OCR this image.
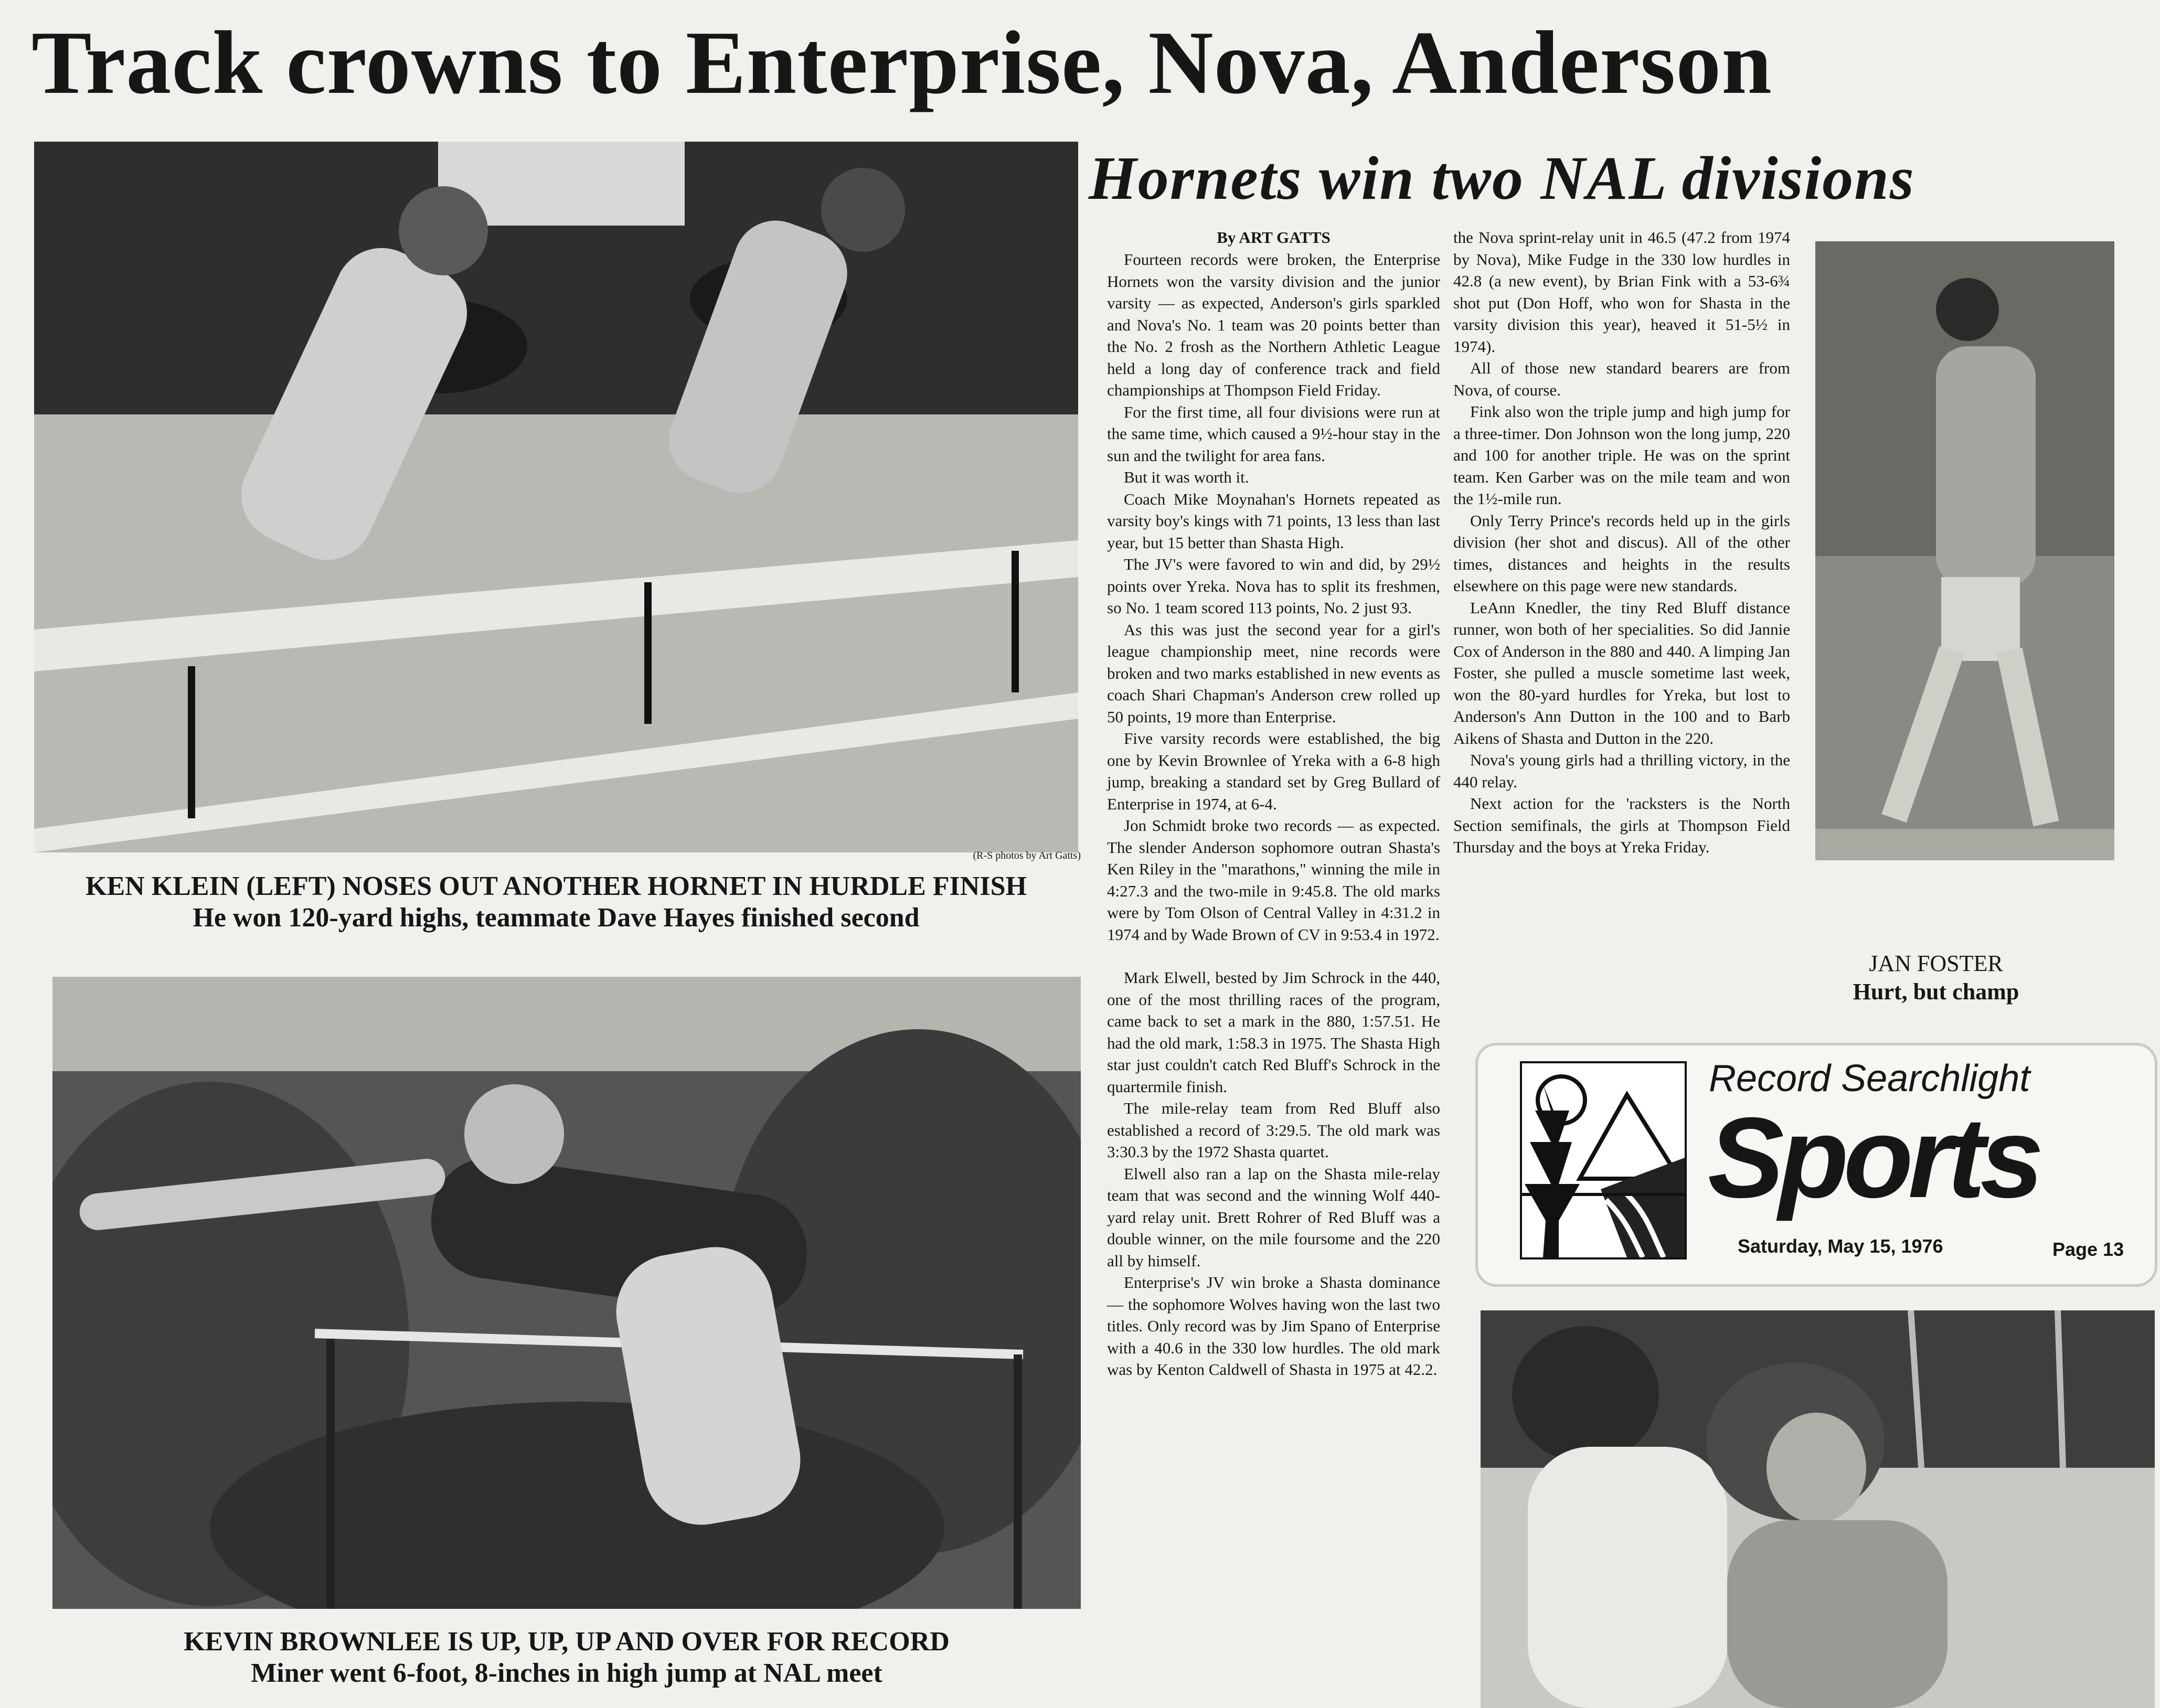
Track crowns to Enterprise, Nova, Anderson
(R-S photos by Art Gatts)
KEN KLEIN (LEFT) NOSES OUT ANOTHER HORNET IN HURDLE FINISH
He won 120-yard highs, teammate Dave Hayes finished second
KEVIN BROWNLEE IS UP, UP, UP AND OVER FOR RECORD
Miner went 6-foot, 8-inches in high jump at NAL meet
Hornets win two NAL divisions

By ART GATTS

Fourteen records were broken, the Enterprise Hornets won the varsity division and the junior varsity — as expected, Anderson's girls sparkled and Nova's No. 1 team was 20 points better than the No. 2 frosh as the Northern Athletic League held a long day of conference track and field championships at Thompson Field Friday.

For the first time, all four divisions were run at the same time, which caused a 9½-hour stay in the sun and the twilight for area fans.

But it was worth it.

Coach Mike Moynahan's Hornets repeated as varsity boy's kings with 71 points, 13 less than last year, but 15 better than Shasta High.

The JV's were favored to win and did, by 29½ points over Yreka. Nova has to split its freshmen, so No. 1 team scored 113 points, No. 2 just 93.

As this was just the second year for a girl's league championship meet, nine records were broken and two marks established in new events as coach Shari Chapman's Anderson crew rolled up 50 points, 19 more than Enterprise.

Five varsity records were established, the big one by Kevin Brownlee of Yreka with a 6-8 high jump, breaking a standard set by Greg Bullard of Enterprise in 1974, at 6-4.

Jon Schmidt broke two records — as expected. The slender Anderson sophomore outran Shasta's Ken Riley in the "marathons," winning the mile in 4:27.3 and the two-mile in 9:45.8. The old marks were by Tom Olson of Central Valley in 4:31.2 in 1974 and by Wade Brown of CV in 9:53.4 in 1972.

Mark Elwell, bested by Jim Schrock in the 440, one of the most thrilling races of the program, came back to set a mark in the 880, 1:57.51. He had the old mark, 1:58.3 in 1975. The Shasta High star just couldn't catch Red Bluff's Schrock in the quartermile finish.

The mile-relay team from Red Bluff also established a record of 3:29.5. The old mark was 3:30.3 by the 1972 Shasta quartet.

Elwell also ran a lap on the Shasta mile-relay team that was second and the winning Wolf 440-yard relay unit. Brett Rohrer of Red Bluff was a double winner, on the mile foursome and the 220 all by himself.

Enterprise's JV win broke a Shasta dominance — the sophomore Wolves having won the last two titles. Only record was by Jim Spano of Enterprise with a 40.6 in the 330 low hurdles. The old mark was by Kenton Caldwell of Shasta in 1975 at 42.2.

the Nova sprint-relay unit in 46.5 (47.2 from 1974 by Nova), Mike Fudge in the 330 low hurdles in 42.8 (a new event), by Brian Fink with a 53-6¾ shot put (Don Hoff, who won for Shasta in the varsity division this year), heaved it 51-5½ in 1974).

All of those new standard bearers are from Nova, of course.

Fink also won the triple jump and high jump for a three-timer. Don Johnson won the long jump, 220 and 100 for another triple. He was on the sprint team. Ken Garber was on the mile team and won the 1½-mile run.

Only Terry Prince's records held up in the girls division (her shot and discus). All of the other times, distances and heights in the results elsewhere on this page were new standards.

LeAnn Knedler, the tiny Red Bluff distance runner, won both of her specialities. So did Jannie Cox of Anderson in the 880 and 440. A limping Jan Foster, she pulled a muscle sometime last week, won the 80-yard hurdles for Yreka, but lost to Anderson's Ann Dutton in the 100 and to Barb Aikens of Shasta and Dutton in the 220.

Nova's young girls had a thrilling victory, in the 440 relay.

Next action for the 'racksters is the North Section semifinals, the girls at Thompson Field Thursday and the boys at Yreka Friday.

JAN FOSTER
Hurt, but champ
Record Searchlight
Sports
Saturday, May 15, 1976	Page 13
